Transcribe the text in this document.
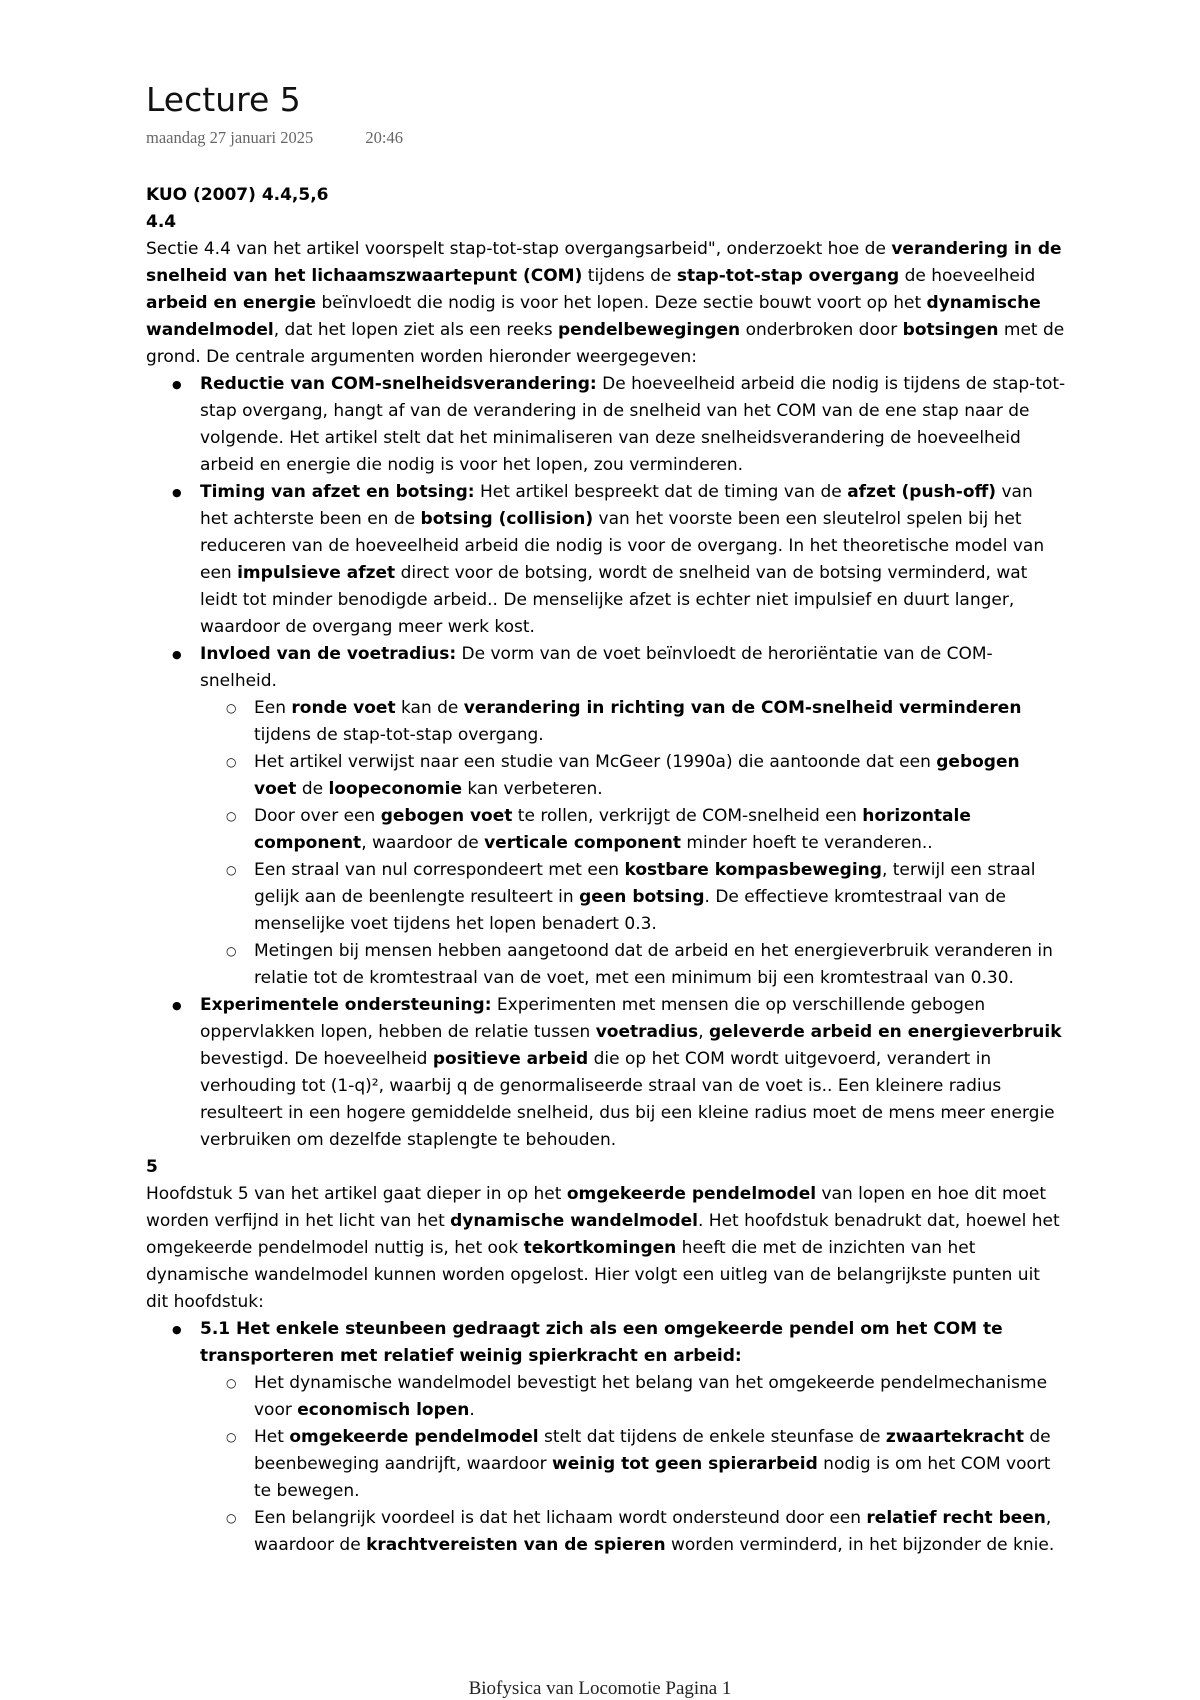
Lecture 5
maandag 27 januari 2025	20:46

KUO (2007) 4.4,5,6

4.4

Sectie 4.4 van het artikel voorspelt stap-tot-stap overgangsarbeid", onderzoekt hoe de verandering in de snelheid van het lichaamszwaartepunt (COM) tijdens de stap-tot-stap overgang de hoeveelheid arbeid en energie beïnvloedt die nodig is voor het lopen. Deze sectie bouwt voort op het dynamische wandelmodel, dat het lopen ziet als een reeks pendelbewegingen onderbroken door botsingen met de grond. De centrale argumenten worden hieronder weergegeven:

● Reductie van COM-snelheidsverandering: De hoeveelheid arbeid die nodig is tijdens de stap-tot-stap overgang, hangt af van de verandering in de snelheid van het COM van de ene stap naar de volgende. Het artikel stelt dat het minimaliseren van deze snelheidsverandering de hoeveelheid arbeid en energie die nodig is voor het lopen, zou verminderen.
● Timing van afzet en botsing: Het artikel bespreekt dat de timing van de afzet (push-off) van het achterste been en de botsing (collision) van het voorste been een sleutelrol spelen bij het reduceren van de hoeveelheid arbeid die nodig is voor de overgang. In het theoretische model van een impulsieve afzet direct voor de botsing, wordt de snelheid van de botsing verminderd, wat leidt tot minder benodigde arbeid.. De menselijke afzet is echter niet impulsief en duurt langer, waardoor de overgang meer werk kost.
● Invloed van de voetradius: De vorm van de voet beïnvloedt de heroriëntatie van de COM-snelheid.
○ Een ronde voet kan de verandering in richting van de COM-snelheid verminderen tijdens de stap-tot-stap overgang.
○ Het artikel verwijst naar een studie van McGeer (1990a) die aantoonde dat een gebogen voet de loopeconomie kan verbeteren.
○ Door over een gebogen voet te rollen, verkrijgt de COM-snelheid een horizontale component, waardoor de verticale component minder hoeft te veranderen..
○ Een straal van nul correspondeert met een kostbare kompasbeweging, terwijl een straal gelijk aan de beenlengte resulteert in geen botsing. De effectieve kromtestraal van de menselijke voet tijdens het lopen benadert 0.3.
○ Metingen bij mensen hebben aangetoond dat de arbeid en het energieverbruik veranderen in relatie tot de kromtestraal van de voet, met een minimum bij een kromtestraal van 0.30.
● Experimentele ondersteuning: Experimenten met mensen die op verschillende gebogen oppervlakken lopen, hebben de relatie tussen voetradius, geleverde arbeid en energieverbruik bevestigd. De hoeveelheid positieve arbeid die op het COM wordt uitgevoerd, verandert in verhouding tot (1-q)², waarbij q de genormaliseerde straal van de voet is.. Een kleinere radius resulteert in een hogere gemiddelde snelheid, dus bij een kleine radius moet de mens meer energie verbruiken om dezelfde staplengte te behouden.

5

Hoofdstuk 5 van het artikel gaat dieper in op het omgekeerde pendelmodel van lopen en hoe dit moet worden verfijnd in het licht van het dynamische wandelmodel. Het hoofdstuk benadrukt dat, hoewel het omgekeerde pendelmodel nuttig is, het ook tekortkomingen heeft die met de inzichten van het dynamische wandelmodel kunnen worden opgelost. Hier volgt een uitleg van de belangrijkste punten uit dit hoofdstuk:

● 5.1 Het enkele steunbeen gedraagt zich als een omgekeerde pendel om het COM te transporteren met relatief weinig spierkracht en arbeid:
○ Het dynamische wandelmodel bevestigt het belang van het omgekeerde pendelmechanisme voor economisch lopen.
○ Het omgekeerde pendelmodel stelt dat tijdens de enkele steunfase de zwaartekracht de beenbeweging aandrijft, waardoor weinig tot geen spierarbeid nodig is om het COM voort te bewegen.
○ Een belangrijk voordeel is dat het lichaam wordt ondersteund door een relatief recht been, waardoor de krachtvereisten van de spieren worden verminderd, in het bijzonder de knie.
Biofysica van Locomotie Pagina 1
